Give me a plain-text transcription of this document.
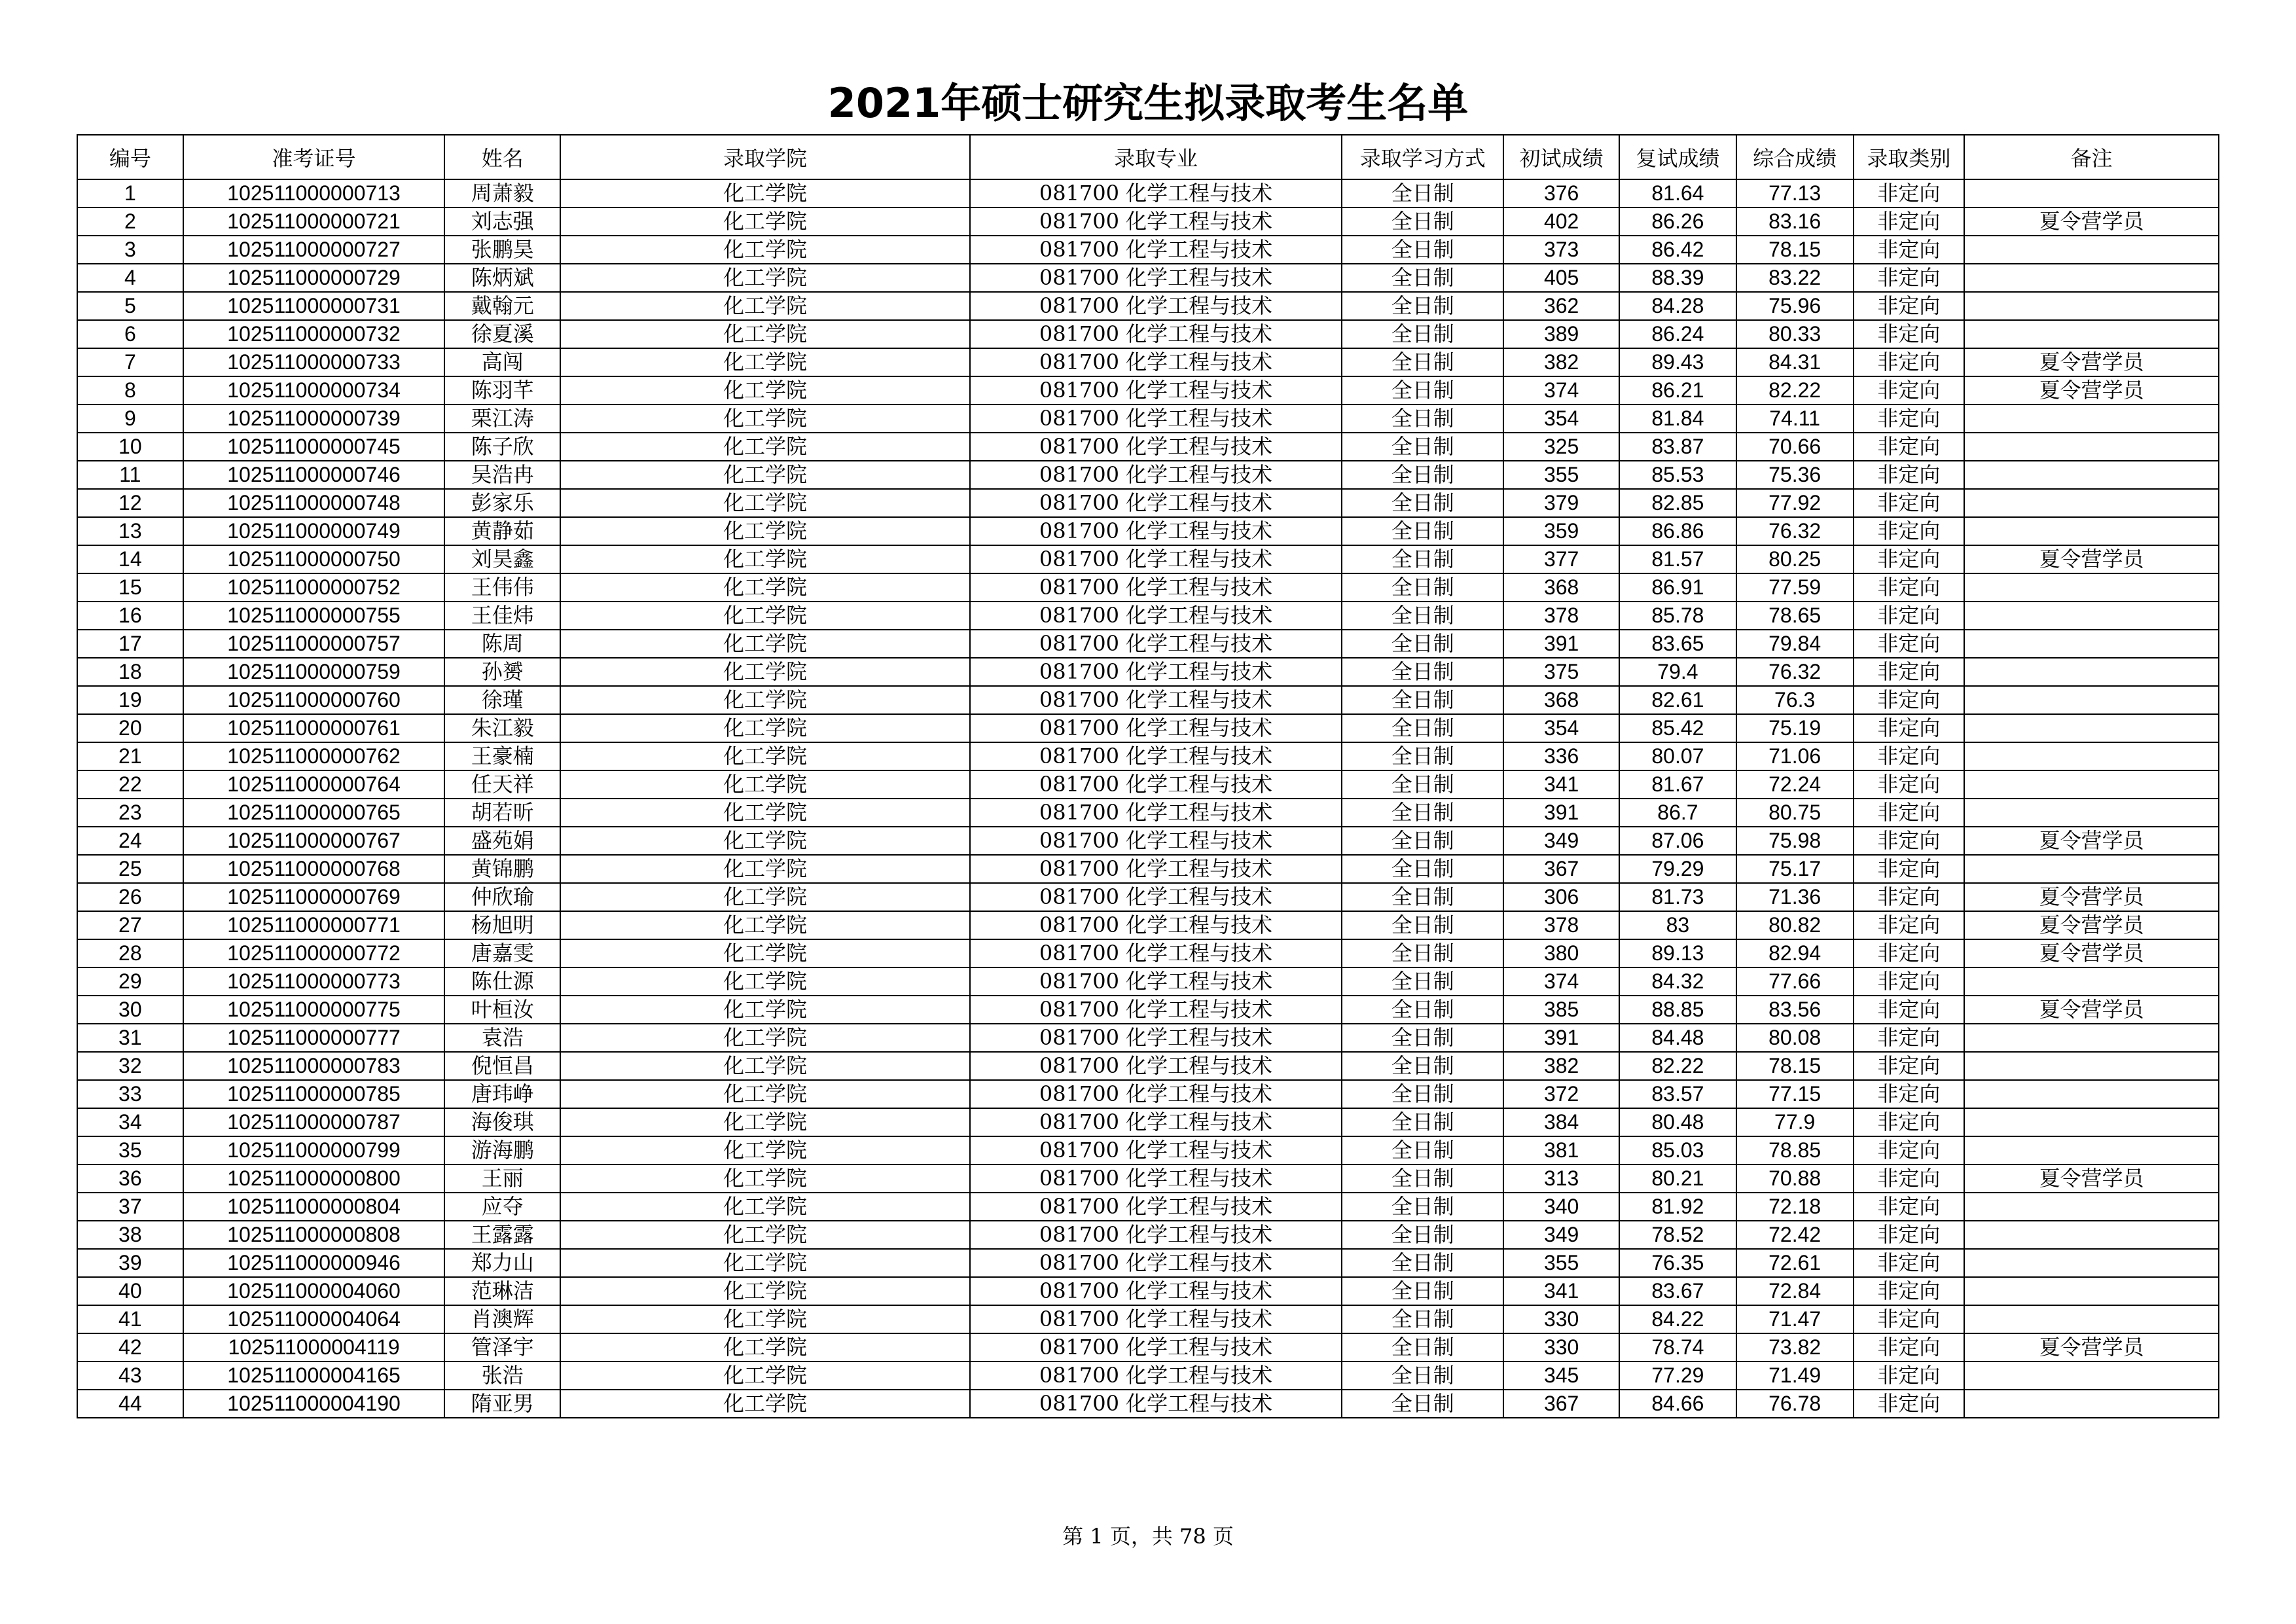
2021年硕士研究生拟录取考生名单
编号	准考证号	姓名	录取学院	录取专业	录取学习方式	初试成绩	复试成绩	综合成绩	录取类别	备注
1	102511000000713	周萧毅	化工学院	081700 化学工程与技术	全日制	376	81.64	77.13	非定向	
2	102511000000721	刘志强	化工学院	081700 化学工程与技术	全日制	402	86.26	83.16	非定向	夏令营学员
3	102511000000727	张鹏昊	化工学院	081700 化学工程与技术	全日制	373	86.42	78.15	非定向	
4	102511000000729	陈炳斌	化工学院	081700 化学工程与技术	全日制	405	88.39	83.22	非定向	
5	102511000000731	戴翰元	化工学院	081700 化学工程与技术	全日制	362	84.28	75.96	非定向	
6	102511000000732	徐夏溪	化工学院	081700 化学工程与技术	全日制	389	86.24	80.33	非定向	
7	102511000000733	高闯	化工学院	081700 化学工程与技术	全日制	382	89.43	84.31	非定向	夏令营学员
8	102511000000734	陈羽芊	化工学院	081700 化学工程与技术	全日制	374	86.21	82.22	非定向	夏令营学员
9	102511000000739	栗江涛	化工学院	081700 化学工程与技术	全日制	354	81.84	74.11	非定向	
10	102511000000745	陈子欣	化工学院	081700 化学工程与技术	全日制	325	83.87	70.66	非定向	
11	102511000000746	吴浩冉	化工学院	081700 化学工程与技术	全日制	355	85.53	75.36	非定向	
12	102511000000748	彭家乐	化工学院	081700 化学工程与技术	全日制	379	82.85	77.92	非定向	
13	102511000000749	黄静茹	化工学院	081700 化学工程与技术	全日制	359	86.86	76.32	非定向	
14	102511000000750	刘昊鑫	化工学院	081700 化学工程与技术	全日制	377	81.57	80.25	非定向	夏令营学员
15	102511000000752	王伟伟	化工学院	081700 化学工程与技术	全日制	368	86.91	77.59	非定向	
16	102511000000755	王佳炜	化工学院	081700 化学工程与技术	全日制	378	85.78	78.65	非定向	
17	102511000000757	陈周	化工学院	081700 化学工程与技术	全日制	391	83.65	79.84	非定向	
18	102511000000759	孙赟	化工学院	081700 化学工程与技术	全日制	375	79.4	76.32	非定向	
19	102511000000760	徐瑾	化工学院	081700 化学工程与技术	全日制	368	82.61	76.3	非定向	
20	102511000000761	朱江毅	化工学院	081700 化学工程与技术	全日制	354	85.42	75.19	非定向	
21	102511000000762	王豪楠	化工学院	081700 化学工程与技术	全日制	336	80.07	71.06	非定向	
22	102511000000764	任天祥	化工学院	081700 化学工程与技术	全日制	341	81.67	72.24	非定向	
23	102511000000765	胡若昕	化工学院	081700 化学工程与技术	全日制	391	86.7	80.75	非定向	
24	102511000000767	盛苑娟	化工学院	081700 化学工程与技术	全日制	349	87.06	75.98	非定向	夏令营学员
25	102511000000768	黄锦鹏	化工学院	081700 化学工程与技术	全日制	367	79.29	75.17	非定向	
26	102511000000769	仲欣瑜	化工学院	081700 化学工程与技术	全日制	306	81.73	71.36	非定向	夏令营学员
27	102511000000771	杨旭明	化工学院	081700 化学工程与技术	全日制	378	83	80.82	非定向	夏令营学员
28	102511000000772	唐嘉雯	化工学院	081700 化学工程与技术	全日制	380	89.13	82.94	非定向	夏令营学员
29	102511000000773	陈仕源	化工学院	081700 化学工程与技术	全日制	374	84.32	77.66	非定向	
30	102511000000775	叶桓汝	化工学院	081700 化学工程与技术	全日制	385	88.85	83.56	非定向	夏令营学员
31	102511000000777	袁浩	化工学院	081700 化学工程与技术	全日制	391	84.48	80.08	非定向	
32	102511000000783	倪恒昌	化工学院	081700 化学工程与技术	全日制	382	82.22	78.15	非定向	
33	102511000000785	唐玮峥	化工学院	081700 化学工程与技术	全日制	372	83.57	77.15	非定向	
34	102511000000787	海俊琪	化工学院	081700 化学工程与技术	全日制	384	80.48	77.9	非定向	
35	102511000000799	游海鹏	化工学院	081700 化学工程与技术	全日制	381	85.03	78.85	非定向	
36	102511000000800	王丽	化工学院	081700 化学工程与技术	全日制	313	80.21	70.88	非定向	夏令营学员
37	102511000000804	应夺	化工学院	081700 化学工程与技术	全日制	340	81.92	72.18	非定向	
38	102511000000808	王露露	化工学院	081700 化学工程与技术	全日制	349	78.52	72.42	非定向	
39	102511000000946	郑力山	化工学院	081700 化学工程与技术	全日制	355	76.35	72.61	非定向	
40	102511000004060	范琳洁	化工学院	081700 化学工程与技术	全日制	341	83.67	72.84	非定向	
41	102511000004064	肖澳辉	化工学院	081700 化学工程与技术	全日制	330	84.22	71.47	非定向	
42	102511000004119	管泽宇	化工学院	081700 化学工程与技术	全日制	330	78.74	73.82	非定向	夏令营学员
43	102511000004165	张浩	化工学院	081700 化学工程与技术	全日制	345	77.29	71.49	非定向	
44	102511000004190	隋亚男	化工学院	081700 化学工程与技术	全日制	367	84.66	76.78	非定向	
第 1 页，共 78 页
